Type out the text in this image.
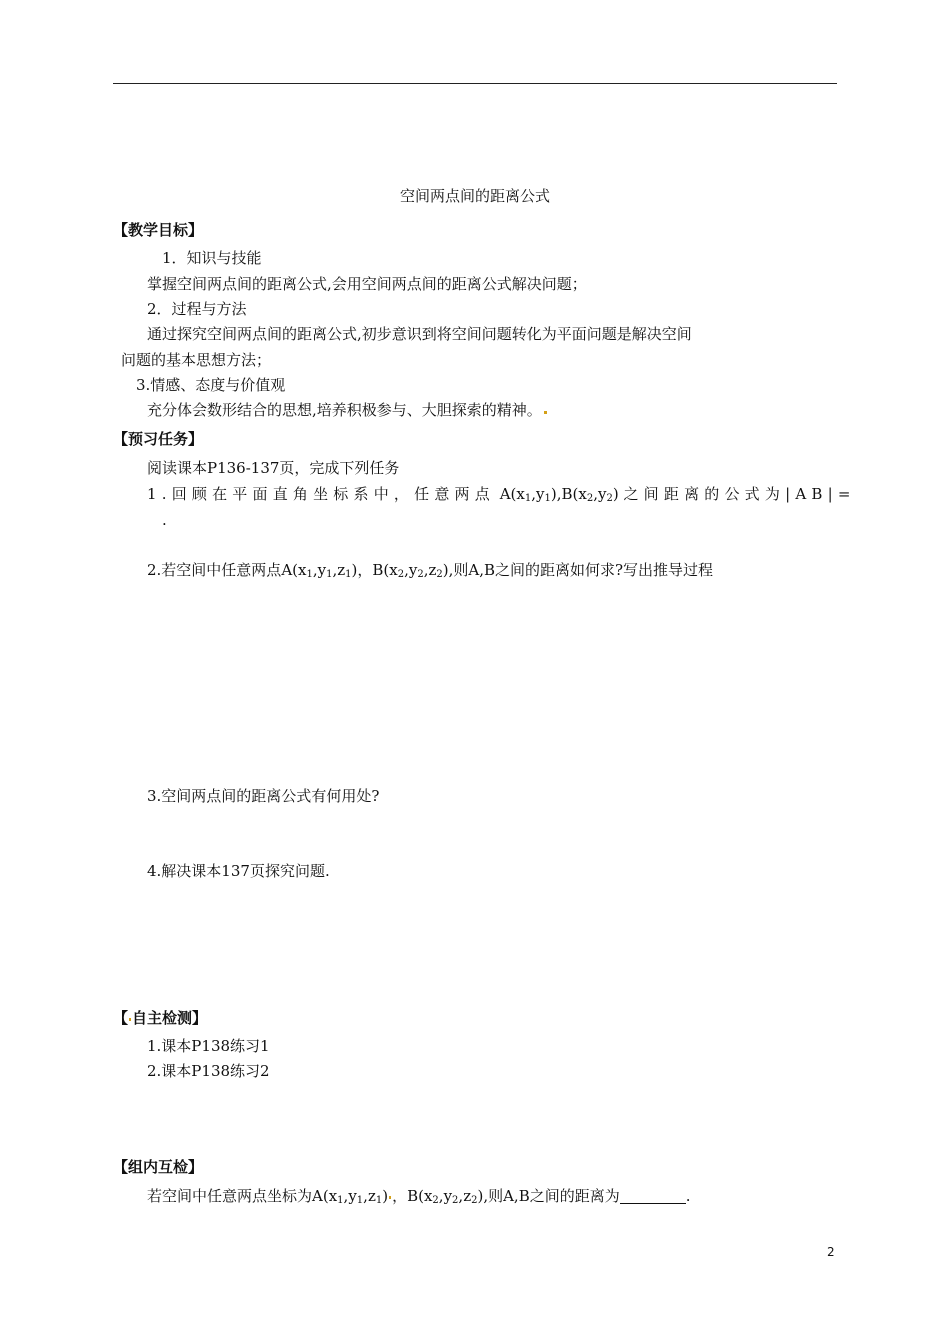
空间两点间的距离公式
【教学目标】
1．知识与技能
掌握空间两点间的距离公式,会用空间两点间的距离公式解决问题；
2．过程与方法
通过探究空间两点间的距离公式,初步意识到将空间问题转化为平面问题是解决空间
问题的基本思想方法；
3.情感、态度与价值观
充分体会数形结合的思想,培养积极参与、大胆探索的精神。
【预习任务】
阅读课本P136-137页，完成下列任务
1.回顾在平面直角坐标系中，任意两点 $A(x_1,y_1),B(x_2,y_2)$ 之间距离的公式为|AB|=
.
2.若空间中任意两点$A(x_1,y_1,z_1)$，$B(x_2,y_2,z_2)$,则A,B之间的距离如何求?写出推导过程
3.空间两点间的距离公式有何用处?
4.解决课本137页探究问题.
【 自主检测】
1.课本P138练习1
2.课本P138练习2
【组内互检】
若空间中任意两点坐标为$A(x_1,y_1,z_1)$ ，$B(x_2,y_2,z_2)$,则A,B之间的距离为	.
2
